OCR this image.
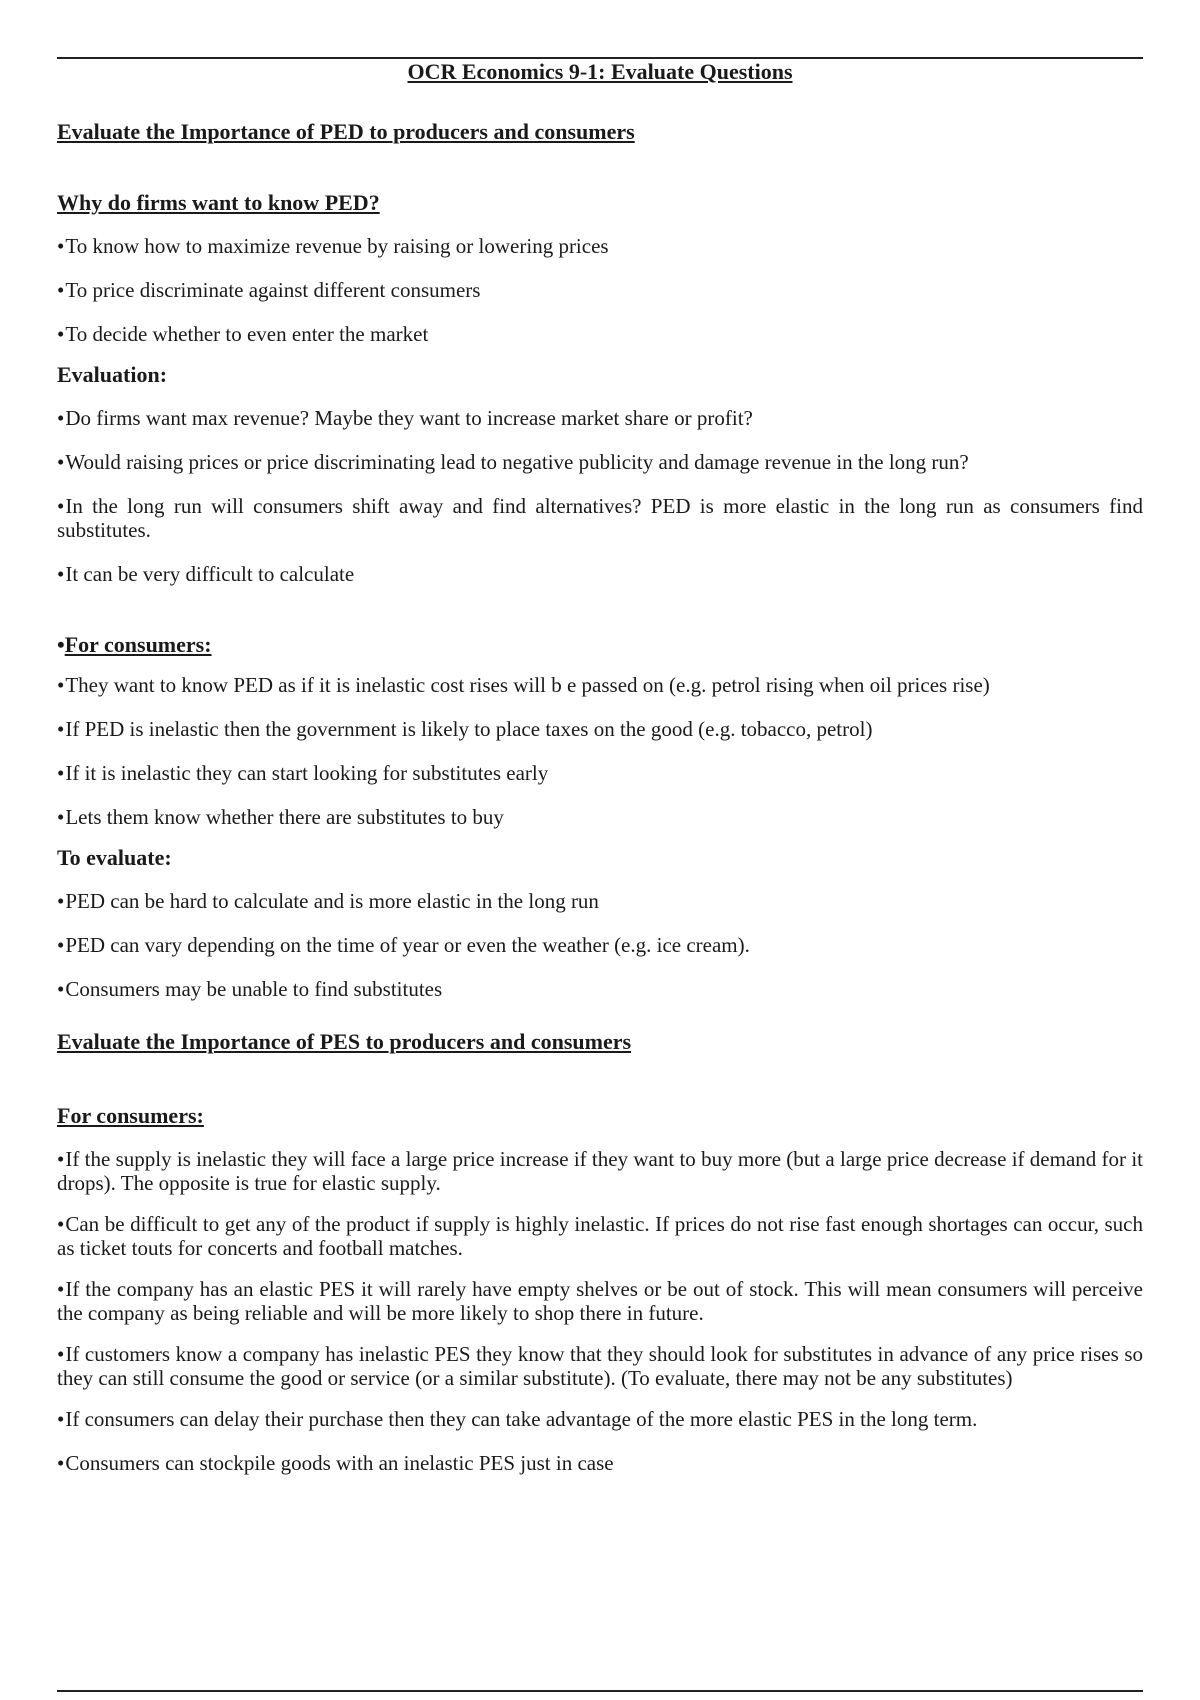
OCR Economics 9-1: Evaluate Questions

Evaluate the Importance of PED to producers and consumers

Why do firms want to know PED?

•To know how to maximize revenue by raising or lowering prices

•To price discriminate against different consumers

•To decide whether to even enter the market

Evaluation:

•Do firms want max revenue? Maybe they want to increase market share or profit?

•Would raising prices or price discriminating lead to negative publicity and damage revenue in the long run?

•In the long run will consumers shift away and find alternatives? PED is more elastic in the long run as consumers find substitutes.

•It can be very difficult to calculate

•For consumers:

•They want to know PED as if it is inelastic cost rises will b e passed on (e.g. petrol rising when oil prices rise)

•If PED is inelastic then the government is likely to place taxes on the good (e.g. tobacco, petrol)

•If it is inelastic they can start looking for substitutes early

•Lets them know whether there are substitutes to buy

To evaluate:

•PED can be hard to calculate and is more elastic in the long run

•PED can vary depending on the time of year or even the weather (e.g. ice cream).

•Consumers may be unable to find substitutes

Evaluate the Importance of PES to producers and consumers

For consumers:

•If the supply is inelastic they will face a large price increase if they want to buy more (but a large price decrease if demand for it drops). The opposite is true for elastic supply.

•Can be difficult to get any of the product if supply is highly inelastic. If prices do not rise fast enough shortages can occur, such as ticket touts for concerts and football matches.

•If the company has an elastic PES it will rarely have empty shelves or be out of stock. This will mean consumers will perceive the company as being reliable and will be more likely to shop there in future.

•If customers know a company has inelastic PES they know that they should look for substitutes in advance of any price rises so they can still consume the good or service (or a similar substitute). (To evaluate, there may not be any substitutes)

•If consumers can delay their purchase then they can take advantage of the more elastic PES in the long term.

•Consumers can stockpile goods with an inelastic PES just in case
